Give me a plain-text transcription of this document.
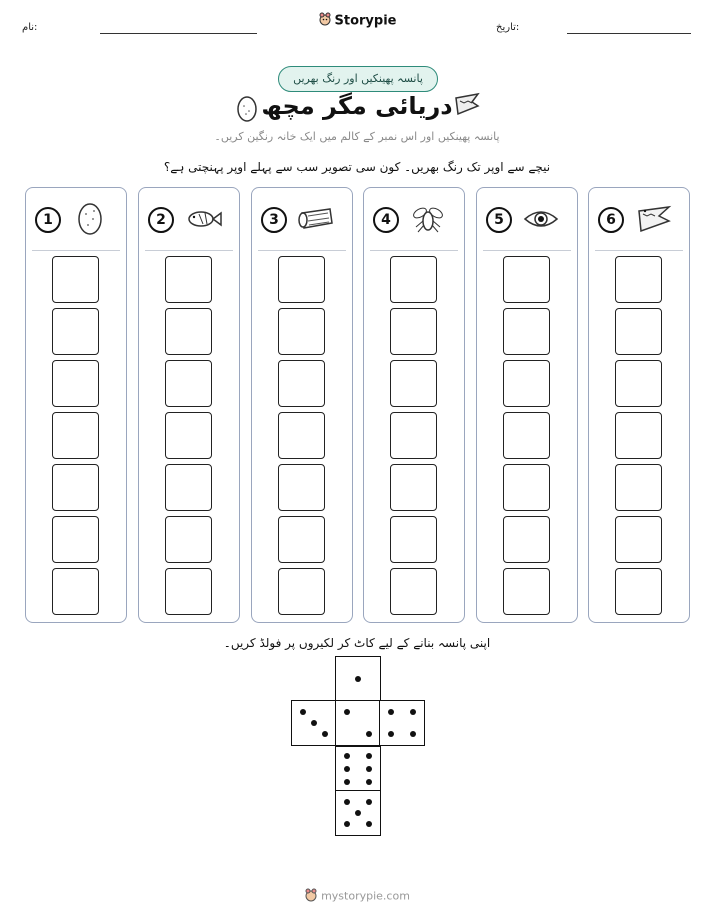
نام:	تاریخ:
Storypie
پانسہ پھینکیں اور رنگ بھریں
دریائی مگر مچھ
پانسہ پھینکیں اور اس نمبر کے کالم میں ایک خانہ رنگین کریں۔
نیچے سے اوپر تک رنگ بھریں۔ کون سی تصویر سب سے پہلے اوپر پہنچتی ہے؟
1	2	3	4	5	6
اپنی پانسہ بنانے کے لیے کاٹ کر لکیروں پر فولڈ کریں۔
mystorypie.com
